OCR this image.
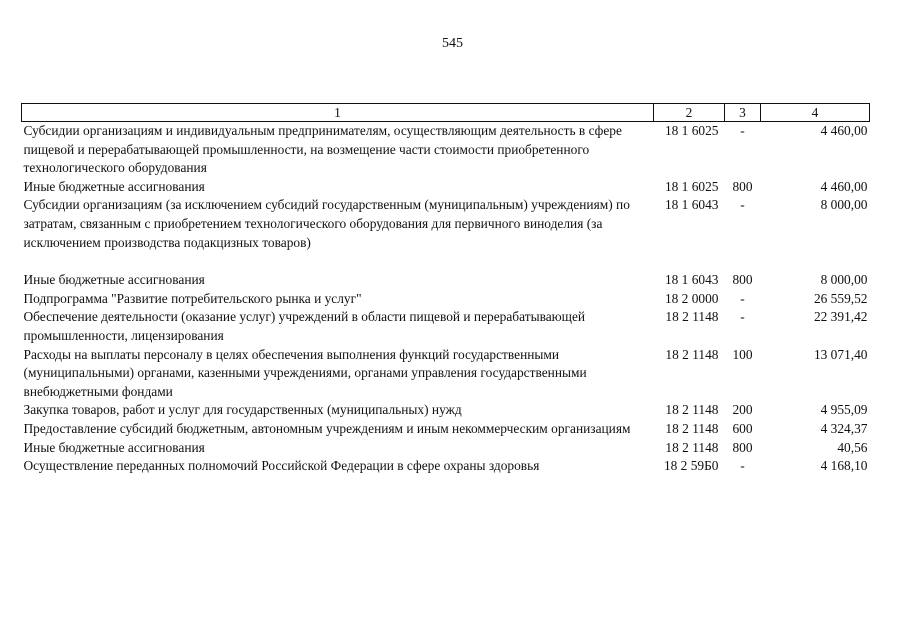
545
1	2	3	4
Субсидии организациям и индивидуальным предпринимателям, осуществляющим деятельность в сфере пищевой и перерабатывающей промышленности, на возмещение части стоимости приобретенного технологического оборудования	18 1 6025	-	4 460,00
Иные бюджетные ассигнования	18 1 6025	800	4 460,00
Субсидии организациям (за исключением субсидий государственным (муниципальным) учреждениям) по затратам, связанным с приобретением технологического оборудования для первичного виноделия (за исключением производства подакцизных товаров)	18 1 6043	-	8 000,00

Иные бюджетные ассигнования	18 1 6043	800	8 000,00
Подпрограмма "Развитие потребительского рынка и услуг"	18 2 0000	-	26 559,52
Обеспечение деятельности (оказание услуг) учреждений в области пищевой и перерабатывающей промышленности, лицензирования	18 2 1148	-	22 391,42
Расходы на выплаты персоналу в целях обеспечения выполнения функций государственными (муниципальными) органами, казенными учреждениями, органами управления государственными внебюджетными фондами	18 2 1148	100	13 071,40
Закупка товаров, работ и услуг для государственных (муниципальных) нужд	18 2 1148	200	4 955,09
Предоставление субсидий бюджетным, автономным учреждениям и иным некоммерческим организациям	18 2 1148	600	4 324,37
Иные бюджетные ассигнования	18 2 1148	800	40,56
Осуществление переданных полномочий Российской Федерации в сфере охраны здоровья	18 2 59Б0	-	4 168,10
